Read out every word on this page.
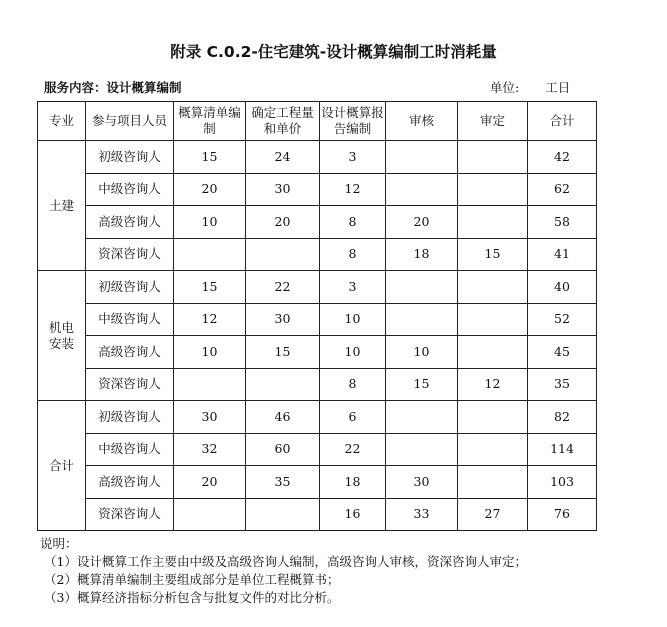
附录 C.0.2-住宅建筑-设计概算编制工时消耗量
服务内容：设计概算编制	单位: 工日
专业	参与项目人员	概算清单编制	确定工程量和单价	设计概算报告编制	审核	审定	合计
土建	初级咨询人	15	24	3			42
	中级咨询人	20	30	12			62
	高级咨询人	10	20	8	20		58
	资深咨询人			8	18	15	41
机电安装	初级咨询人	15	22	3			40
	中级咨询人	12	30	10			52
	高级咨询人	10	15	10	10		45
	资深咨询人			8	15	12	35
合计	初级咨询人	30	46	6			82
	中级咨询人	32	60	22			114
	高级咨询人	20	35	18	30		103
	资深咨询人			16	33	27	76
说明：
（1）设计概算工作主要由中级及高级咨询人编制，高级咨询人审核，资深咨询人审定；
（2）概算清单编制主要组成部分是单位工程概算书；
（3）概算经济指标分析包含与批复文件的对比分析。
